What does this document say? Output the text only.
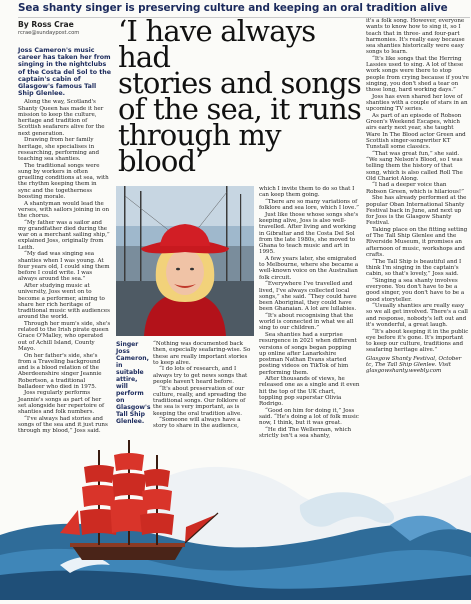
Sea shanty singer is preserving culture and keeping an oral tradition alive
By Ross Crae
rcrae@sundaypost.com ‘I have always had
stories and songs
of the sea, it runs
through my blood’

Joss Cameron's music career has taken her from singing in the nightclubs of the Costa del Sol to the captain's cabin of Glasgow's famous Tall Ship Glenlee.

Along the way, Scotland's Shanty Queen has made it her mission to keep the culture, heritage and tradition of Scottish seafarers alive for the next generation.

Drawing from her family heritage, she specialises in researching, performing and teaching sea shanties.

The traditional songs were sung by workers in often gruelling conditions at sea, with the rhythm keeping them in sync and the togetherness boosting morale.

A shantyman would lead the verses, with sailors joining in on the chorus.

“My father was a sailor and my grandfather died during the war on a merchant sailing ship,” explained Joss, originally from Leith.

“My dad was singing sea shanties when I was young. At four years old, I could sing them before I could write. I was always around the sea.”

After studying music at university, Joss went on to become a performer, aiming to share her rich heritage of traditional music with audiences around the world.

Through her mum's side, she's related to the Irish pirate queen Grace O'Malley, who operated out of Achill Island, County Mayo.

On her father's side, she's from a Traveling background and is a blood relation of the Aberdeenshire singer Jeannie Robertson, a traditional balladeer who died in 1975.

Joss regularly performs Jeannie's songs as part of her set alongside her repertoire of shanties and folk numbers.

“I've always had stories and songs of the sea and it just runs through my blood,” Joss said.

Singer Joss Cameron, in suitable attire, will perform on Glasgow's Tall Ship Glenlee.

“Nothing was documented back then, especially seafaring-wise. So these are really important stories to keep alive.

“I do lots of research, and I always try to get news songs that people haven't heard before.

“It's about preservation of our culture, really, and spreading the traditional songs. Our folklore of the sea is very important, as is keeping the oral tradition alive.

“Someone will always have a story to share in the audience,

which I invite them to do so that I can keep them going.

“There are so many variations of folklore and sea lore, which I love.”

Just like those whose songs she's keeping alive, Joss is also well-travelled. After living and working in Gibraltar and the Costa Del Sol from the late 1980s, she moved to Ghana to teach music and art in 1995.

A few years later, she emigrated to Melbourne, where she became a well-known voice on the Australian folk circuit.

“Everywhere I've travelled and lived, I've always collected local songs,” she said. “They could have been Aboriginal, they could have been Ghanaian. A lot are lullabies.

“It's about recognising that the world is connected in what we all sing to our children.”

Sea shanties had a surprise resurgence in 2021 when different versions of songs began popping up online after Lanarkshire postman Nathan Evans started posting videos on TikTok of him performing them.

After thousands of views, he released one as a single and it even hit the top of the UK chart, toppling pop superstar Olivia Rodrigo.

“Good on him for doing it,” Joss said. “He's doing a lot of folk music now, I think, but it was great.

“He did The Wellerman, which strictly isn't a sea shanty,

it's a folk song. However, everyone wants to know how to sing it, so I teach that in three- and four-part harmonies. It's really easy because sea shanties historically were easy songs to learn.

“It's like songs that the Herring Lassies used to sing. A lot of these work songs were there to stop people from crying because if you're singing, you don't shed a tear on those long, hard working days.”

Joss has even shared her love of shanties with a couple of stars in an upcoming TV series.

As part of an episode of Robson Green's Weekend Escapes, which airs early next year, she taught Ware In The Blood actor Green and Scottish singer-songwriter KT Tunstall some classics.

“That was great fun,” she said. “We sang Nelson's Blood, so I was telling them the history of that song, which is also called Roll The Old Chariot Along.

“I had a deeper voice than Robson Green, which is hilarious!”

She has already performed at the popular Oban International Shanty Festival back in June, and next up for Joss is the Glasgow Shanty Festival.

Taking place on the fitting setting of The Tall Ship Glenlee and the Riverside Museum, it promises an afternoon of music, workshops and crafts.

“The Tall Ship is beautiful and I think I'm singing in the captain's cabin, so that's lovely,” Joss said.

“Singing a sea shanty involves everyone. You don't have to be a good singer, you don't have to be a good storyteller.

“Usually shanties are really easy so we all get involved. There's a call and response, nobody's left out and it's wonderful, a great laugh.

“It's about keeping it in the public eye before it's gone. It's important to keep our culture, traditions and seafaring heritage alive.”

Glasgow Shanty Festival, October tc, The Tall Ship Glenlee. Visit glasgowshanty.weebly.com
